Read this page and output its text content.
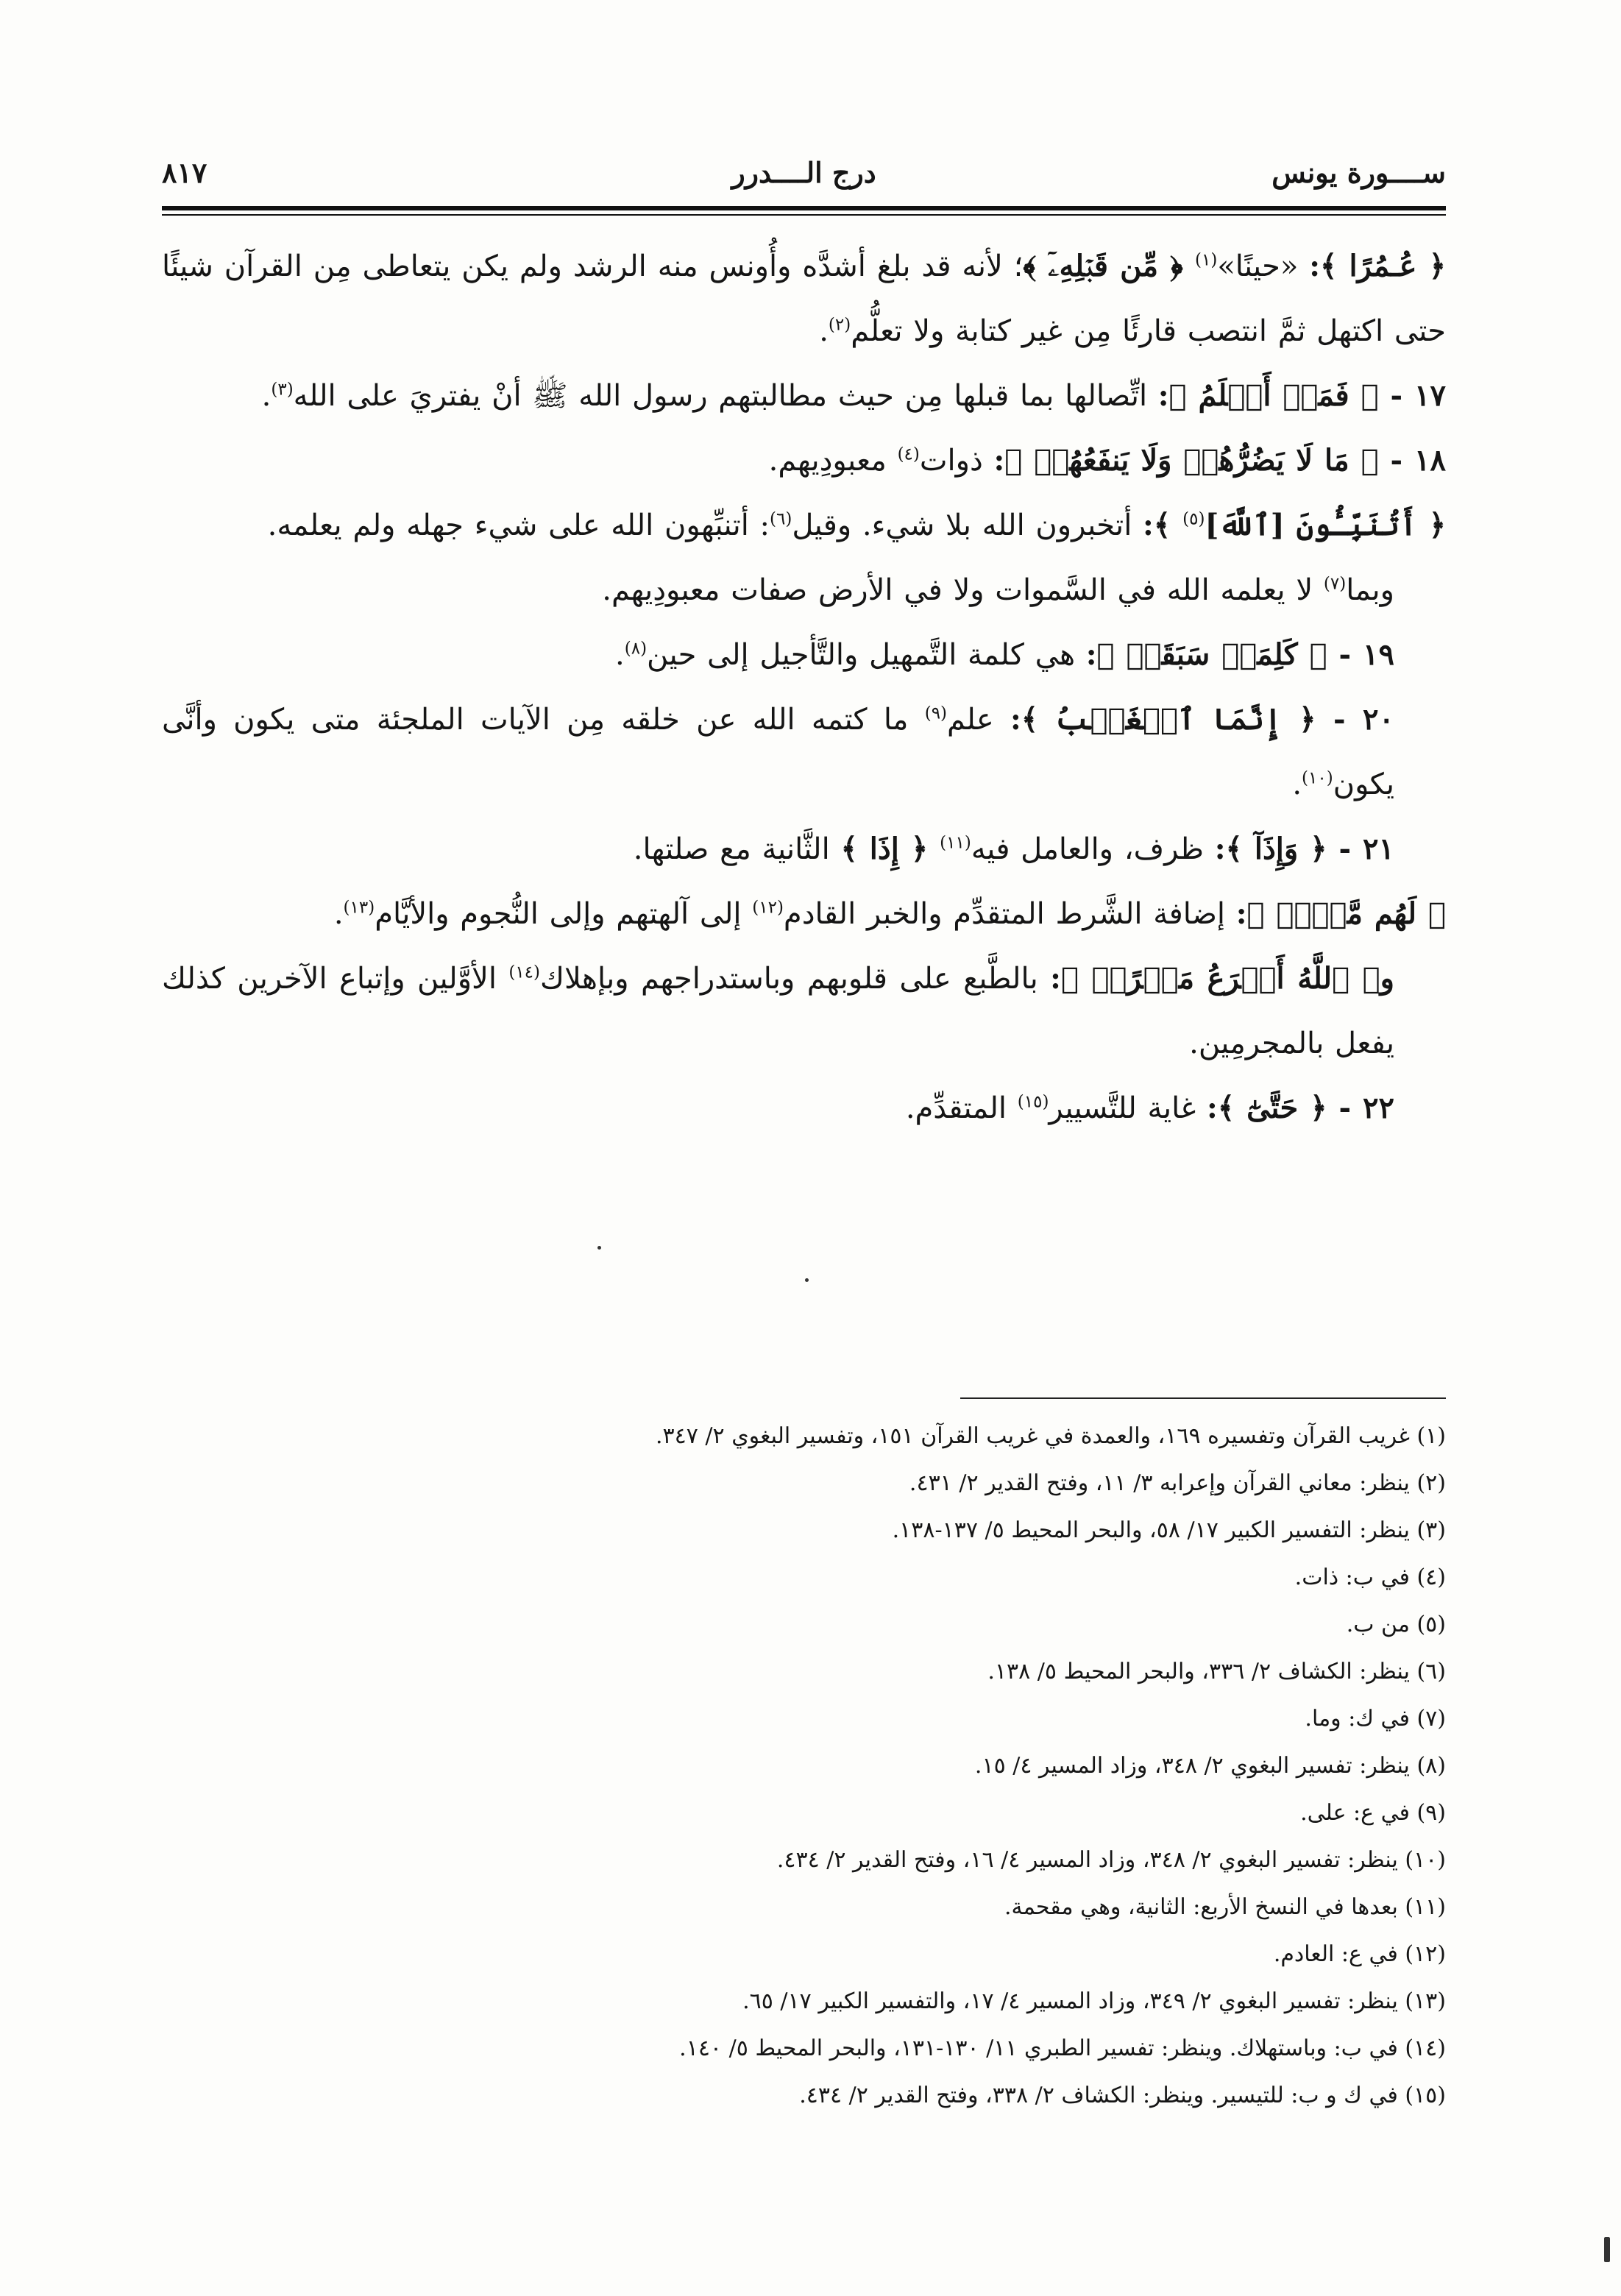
٨١٧	درج الــــدرر	ســــورة يونس

﴿ عُـمُرًا ﴾: «حينًا»$^{(١)}$ ﴿ مِّن قَبۡلِهِۦٓ ﴾؛ لأنه قد بلغ أشدَّه وأُونس منه الرشد ولم يكن يتعاطى مِن القرآن شيئًا حتى اكتهل ثمَّ انتصب قارئًا مِن غير كتابة ولا تعلُّم$^{(٢)}$.

١٧ - ﴿ فَمَنۡ أَظۡلَمُ ﴾: اتِّصالها بما قبلها مِن حيث مطالبتهم رسول الله ﷺ أنْ يفتريَ على الله$^{(٣)}$.

١٨ - ﴿ مَا لَا يَضُرُّهُمۡ وَلَا يَنفَعُهُمۡ ﴾: ذوات$^{(٤)}$ معبودِيهم.

﴿ أَتُنَبِّـُٔونَ [ٱللَّهَ]$^{(٥)}$ ﴾: أتخبرون الله بلا شيء. وقيل$^{(٦)}$: أتنبِّهون الله على شيء جهله ولم يعلمه.

وبما$^{(٧)}$ لا يعلمه الله في السَّموات ولا في الأرض صفات معبودِيهم.

١٩ - ﴿ كَلِمَةٞ سَبَقَتۡ ﴾: هي كلمة التَّمهيل والتَّأجيل إلى حين$^{(٨)}$.

٢٠ - ﴿ إِنَّمَا ٱلۡغَيۡبُ ﴾: علم$^{(٩)}$ ما كتمه الله عن خلقه مِن الآيات الملجئة متى يكون وأنَّى يكون$^{(١٠)}$.

٢١ - ﴿ وَإِذَآ ﴾: ظرف، والعامل فيه$^{(١١)}$ ﴿ إِذَا ﴾ الثَّانية مع صلتها.

﴿ لَهُم مَّكۡرٞ ﴾: إضافة الشَّرط المتقدِّم والخبر القادم$^{(١٢)}$ إلى آلهتهم وإلى النُّجوم والأيَّام$^{(١٣)}$.

و﴿ ٱللَّهُ أَسۡرَعُ مَكۡرًاۚ ﴾: بالطَّبع على قلوبهم وباستدراجهم وبإهلاك$^{(١٤)}$ الأوَّلين وإتباع الآخرين كذلك يفعل بالمجرمِين.

٢٢ - ﴿ حَتَّىٰٓ ﴾: غاية للتَّسيير$^{(١٥)}$ المتقدِّم.

(١) غريب القرآن وتفسيره ١٦٩، والعمدة في غريب القرآن ١٥١، وتفسير البغوي ٢/ ٣٤٧.

(٢) ينظر: معاني القرآن وإعرابه ٣/ ١١، وفتح القدير ٢/ ٤٣١.

(٣) ينظر: التفسير الكبير ١٧/ ٥٨، والبحر المحيط ٥/ ١٣٧-١٣٨.

(٤) في ب: ذات.

(٥) من ب.

(٦) ينظر: الكشاف ٢/ ٣٣٦، والبحر المحيط ٥/ ١٣٨.

(٧) في ك: وما.

(٨) ينظر: تفسير البغوي ٢/ ٣٤٨، وزاد المسير ٤/ ١٥.

(٩) في ع: على.

(١٠) ينظر: تفسير البغوي ٢/ ٣٤٨، وزاد المسير ٤/ ١٦، وفتح القدير ٢/ ٤٣٤.

(١١) بعدها في النسخ الأربع: الثانية، وهي مقحمة.

(١٢) في ع: العادم.

(١٣) ينظر: تفسير البغوي ٢/ ٣٤٩، وزاد المسير ٤/ ١٧، والتفسير الكبير ١٧/ ٦٥.

(١٤) في ب: وباستهلاك. وينظر: تفسير الطبري ١١/ ١٣٠-١٣١، والبحر المحيط ٥/ ١٤٠.

(١٥) في ك و ب: للتيسير. وينظر: الكشاف ٢/ ٣٣٨، وفتح القدير ٢/ ٤٣٤.
